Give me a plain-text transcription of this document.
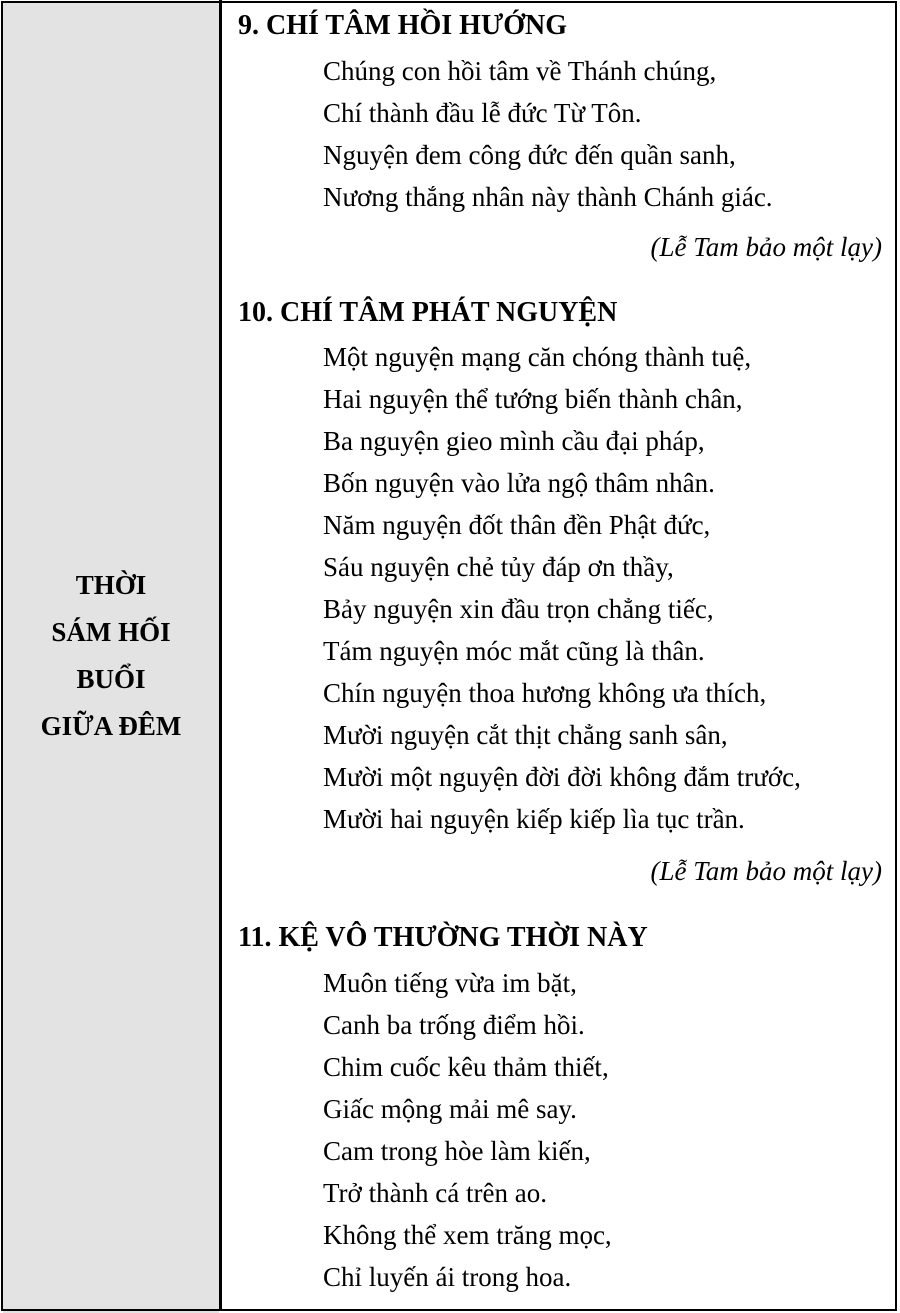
THỜI
SÁM HỐI
BUỔI
GIỮA ĐÊM
9. CHÍ TÂM HỒI HƯỚNG
Chúng con hồi tâm về Thánh chúng,
Chí thành đầu lễ đức Từ Tôn.
Nguyện đem công đức đến quần sanh,
Nương thắng nhân này thành Chánh giác.
(Lễ Tam bảo một lạy)
10. CHÍ TÂM PHÁT NGUYỆN
Một nguyện mạng căn chóng thành tuệ,
Hai nguyện thể tướng biến thành chân,
Ba nguyện gieo mình cầu đại pháp,
Bốn nguyện vào lửa ngộ thâm nhân.
Năm nguyện đốt thân đền Phật đức,
Sáu nguyện chẻ tủy đáp ơn thầy,
Bảy nguyện xin đầu trọn chẳng tiếc,
Tám nguyện móc mắt cũng là thân.
Chín nguyện thoa hương không ưa thích,
Mười nguyện cắt thịt chẳng sanh sân,
Mười một nguyện đời đời không đắm trước,
Mười hai nguyện kiếp kiếp lìa tục trần.
(Lễ Tam bảo một lạy)
11. KỆ VÔ THƯỜNG THỜI NÀY
Muôn tiếng vừa im bặt,
Canh ba trống điểm hồi.
Chim cuốc kêu thảm thiết,
Giấc mộng mải mê say.
Cam trong hòe làm kiến,
Trở thành cá trên ao.
Không thể xem trăng mọc,
Chỉ luyến ái trong hoa.
